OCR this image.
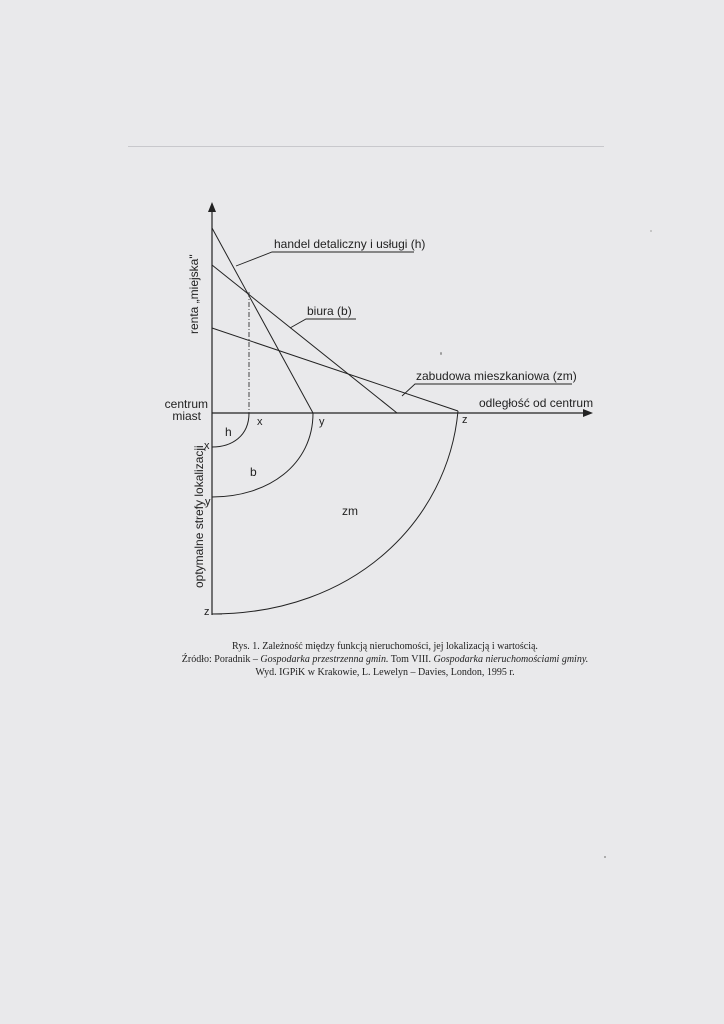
renta „miejska"
optymalne strefy lokalizacji
centrum
miast
odległość od centrum
handel detaliczny i usługi (h)
biura (b)
zabudowa mieszkaniowa (zm)
x	y	z
x
y
z
h
b
zm
Rys. 1. Zależność między funkcją nieruchomości, jej lokalizacją i wartością.
Źródło: Poradnik – Gospodarka przestrzenna gmin. Tom VIII. Gospodarka nieruchomościami gminy.
Wyd. IGPiK w Krakowie, L. Lewelyn – Davies, London, 1995 r.
